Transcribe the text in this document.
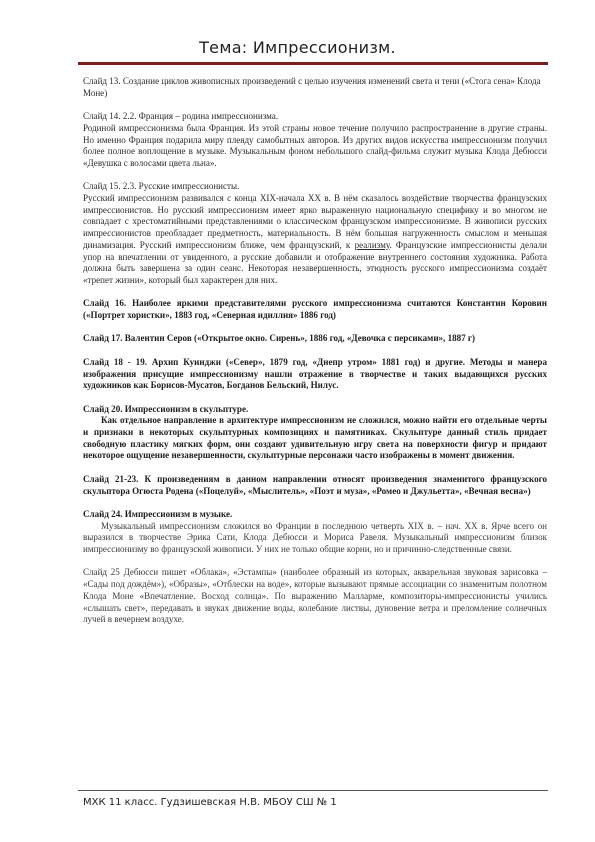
Тема: Импрессионизм.

Слайд 13. Создание циклов живописных произведений с целью изучения изменений света и тени («Стога сена» Клода Моне)

Слайд 14. 2.2. Франция – родина импрессионизма.

Родиной импрессионизма была Франция. Из этой страны новое течение получило распространение в другие страны. Но именно Франция подарила миру плеяду самобытных авторов. Из других видов искусства импрессионизм получил более полное воплощение в музыке. Музыкальным фоном небольшого слайд-фильма служит музыка Клода Дебюсси «Девушка с волосами цвета льна».

Слайд 15. 2.3. Русские импрессионисты.

Русский импрессионизм развивался с конца XIX-начала XX в. В нём сказалось воздействие творчества французских импрессионистов. Но русский импрессионизм имеет ярко выраженную национальную специфику и во многом не совпадает с хрестоматийными представлениями о классическом французском импрессионизме. В живописи русских импрессионистов преобладает предметность, материальность. В нём большая нагруженность смыслом и меньшая динамизация. Русский импрессионизм ближе, чем французский, к реализму. Французские импрессионисты делали упор на впечатлении от увиденного, а русские добавили и отображение внутреннего состояния художника. Работа должна быть завершена за один сеанс. Некоторая незавершенность, этюдность русского импрессионизма создаёт «трепет жизни», который был характерен для них.

Слайд 16. Наиболее яркими представителями русского импрессионизма считаются Константин Коровин («Портрет хористки», 1883 год, «Северная идиллия» 1886 год)

Слайд 17. Валентин Серов («Открытое окно. Сирень», 1886 год, «Девочка с персиками», 1887 г)

Слайд 18 - 19. Архип Куинджи («Север», 1879 год, «Днепр утром» 1881 год) и другие. Методы и манера изображения присущие импрессионизму нашли отражение в творчестве и таких выдающихся русских художников как Борисов-Мусатов, Богданов Бельский, Нилус.

Слайд 20. Импрессионизм в скульптуре.

Как отдельное направление в архитектуре импрессионизм не сложился, можно найти его отдельные черты и признаки в некоторых скульптурных композициях и памятниках. Скульптуре данный стиль придает свободную пластику мягких форм, они создают удивительную игру света на поверхности фигур и придают некоторое ощущение незавершенности, скульптурные персонажи часто изображены в момент движения.

Слайд 21-23. К произведениям в данном направлении относят произведения знаменитого французского скульптора Огюста Родена («Поцелуй», «Мыслитель», «Поэт и муза», «Ромео и Джульетта», «Вечная весна»)

Слайд 24. Импрессионизм в музыке.

Музыкальный импрессионизм сложился во Франции в последнюю четверть XIX в. – нач. XX в. Ярче всего он выразился в творчестве Эрика Сати, Клода Дебюсси и Мориса Равеля. Музыкальный импрессионизм близок импрессионизму во французской живописи. У них не только общие корни, но и причинно-следственные связи.

Слайд 25 Дебюсси пишет «Облака», «Эстампы» (наиболее образный из которых, акварельная звуковая зарисовка – «Сады под дождём»), «Образы», «Отблески на воде», которые вызывают прямые ассоциации со знаменитым полотном Клода Моне «Впечатление. Восход солнца». По выражению Малларме, композиторы-импрессионисты учились «слышать свет», передавать в звуках движение воды, колебание листвы, дуновение ветра и преломление солнечных лучей в вечернем воздухе.

МХК 11 класс. Гудзишевская Н.В. МБОУ СШ № 1
